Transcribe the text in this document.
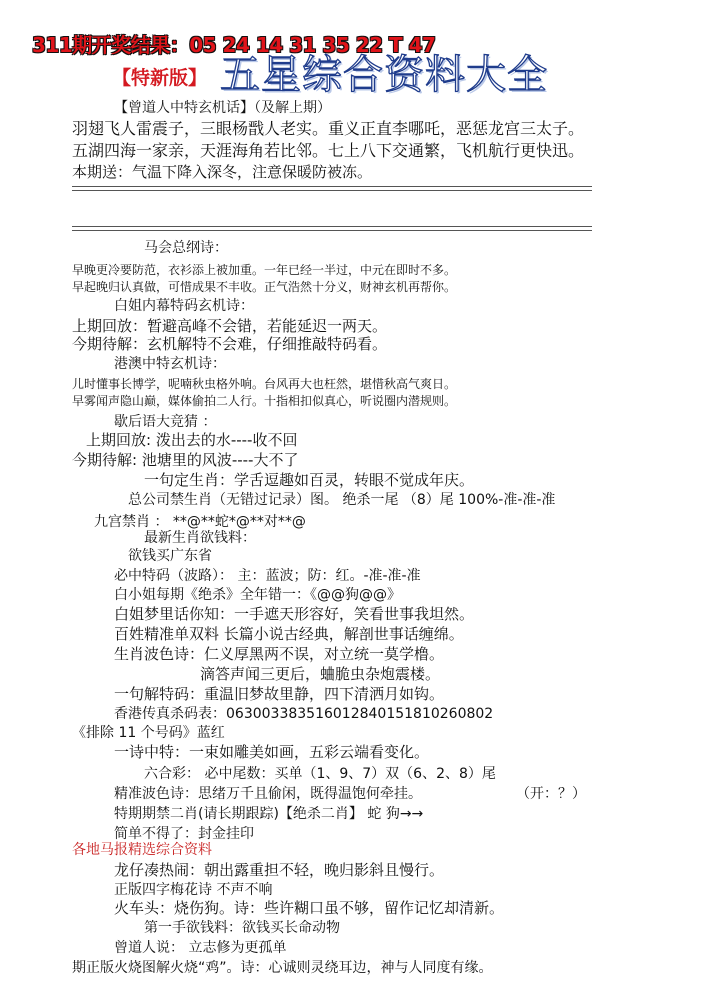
311期开奖结果：05 24 14 31 35 22 T 47
【特新版】 五星综合资料大全
【曾道人中特玄机话】（及解上期）
羽翅飞人雷震子，三眼杨戬人老实。重义正直李哪吒，恶惩龙宫三太子。
五湖四海一家亲，天涯海角若比邻。七上八下交通繁，飞机航行更快迅。
本期送：气温下降入深冬，注意保暖防被冻。
马会总纲诗：
早晚更冷要防范，衣衫添上被加重。一年已经一半过，中元在即时不多。
早起晚归认真做，可惜成果不丰收。正气浩然十分义，财神玄机再帮你。
白姐内幕特码玄机诗：
上期回放：暂避高峰不会错，若能延迟一两天。
今期待解：玄机解特不会难，仔细推敲特码看。
港澳中特玄机诗：
儿时懂事长博学，呢喃秋虫格外响。台风再大也枉然，堪惜秋高气爽日。
早雾闻声隐山巅，媒体偷拍二人行。十指相扣似真心，听说圈内潜规则。
歇后语大竞猜 ：
上期回放: 泼出去的水----收不回
今期待解: 池塘里的风波----大不了
一句定生肖：学舌逗趣如百灵，转眼不觉成年庆。
总公司禁生肖（无错过记录）图。 绝杀一尾 （8）尾 100%-准-准-准
九宫禁肖 ： **@**蛇*@**对**@
最新生肖欲钱料：
欲钱买广东省
必中特码（波路）： 主：蓝波；防：红。-准-准-准
白小姐每期《绝杀》全年错一：《@@狗@@》
白姐梦里话你知：一手遮天形容好，笑看世事我坦然。
百姓精准单双料 长篇小说古经典，解剖世事话缠绵。
生肖波色诗：仁义厚黑两不误，对立统一莫学橹。
滴答声闻三更后，蛐脆虫杂炮震楼。
一句解特码：重温旧梦故里静，四下清洒月如钩。
香港传真杀码表：06300338351601284015181026080​2
《排除 11 个号码》蓝红
一诗中特：一束如雕美如画，五彩云端看变化。
六合彩： 必中尾数：买单（1、9、7）双（6、2、8）尾
精准波色诗：思绪万千且偷闲，既得温饱何牵挂。	（开：？）
特期期禁二肖(请长期跟踪)【绝杀二肖】 蛇 狗→→
简单不得了：封金挂印
各地马报精选综合资料
龙仔凑热闹：朝出露重担不轻，晚归影斜且慢行。
正版四字梅花诗 不声不响
火车头：烧伤狗。诗：些许糊口虽不够，留作记忆却清新。
第一手欲钱料：欲钱买长命动物
曾道人说： 立志修为更孤单
期正版火烧图解火烧“鸡”。诗：心诚则灵绕耳边，神与人同度有缘。
